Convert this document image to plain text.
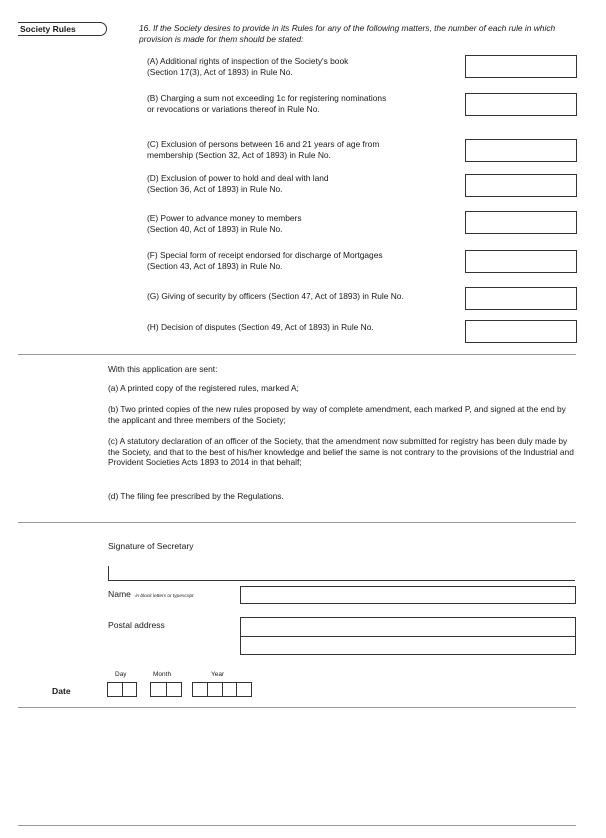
Society Rules	16. If the Society desires to provide in its Rules for any of the following matters, the number of each rule in which provision is made for them should be stated:
(A) Additional rights of inspection of the Society's book
(Section 17(3), Act of 1893) in Rule No.
(B) Charging a sum not exceeding 1c for registering nominations
or revocations or variations thereof in Rule No.
(C) Exclusion of persons between 16 and 21 years of age from
membership (Section 32, Act of 1893) in Rule No.
(D) Exclusion of power to hold and deal with land
(Section 36, Act of 1893) in Rule No.
(E) Power to advance money to members
(Section 40, Act of 1893) in Rule No.
(F) Special form of receipt endorsed for discharge of Mortgages
(Section 43, Act of 1893) in Rule No.
(G) Giving of security by officers (Section 47, Act of 1893) in Rule No.
(H) Decision of disputes (Section 49, Act of 1893) in Rule No.
With this application are sent:
(a) A printed copy of the registered rules, marked A;
(b) Two printed copies of the new rules proposed by way of complete amendment, each marked P, and signed at the end by the applicant and three members of the Society;
(c) A statutory declaration of an officer of the Society, that the amendment now submitted for registry has been duly made by the Society, and that to the best of his/her knowledge and belief the same is not contrary to the provisions of the Industrial and Provident Societies Acts 1893 to 2014 in that behalf;
(d) The filing fee prescribed by the Regulations.
Signature of Secretary
Name in block letters or typescript
Postal address
Date
Day	Month	Year
